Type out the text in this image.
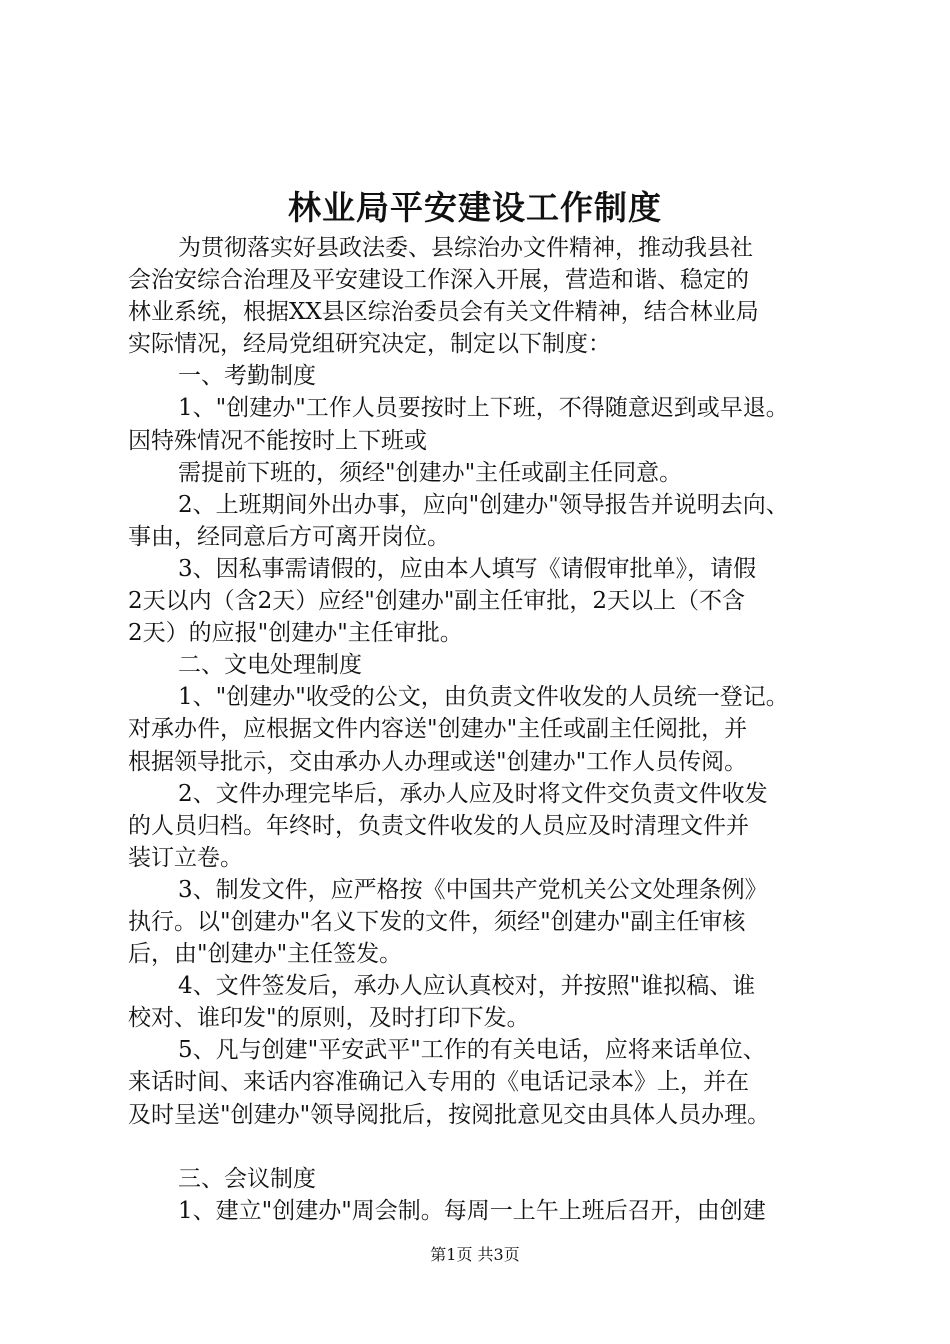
林业局平安建设工作制度
为贯彻落实好县政法委、县综治办文件精神，推动我县社
会治安综合治理及平安建设工作深入开展，营造和谐、稳定的
林业系统，根据XX县区综治委员会有关文件精神，结合林业局
实际情况，经局党组研究决定，制定以下制度：
一、考勤制度
1、"创建办"工作人员要按时上下班，不得随意迟到或早退。
因特殊情况不能按时上下班或
需提前下班的，须经"创建办"主任或副主任同意。
2、上班期间外出办事，应向"创建办"领导报告并说明去向、
事由，经同意后方可离开岗位。
3、因私事需请假的，应由本人填写《请假审批单》，请假
2天以内（含2天）应经"创建办"副主任审批，2天以上（不含
2天）的应报"创建办"主任审批。
二、文电处理制度
1、"创建办"收受的公文，由负责文件收发的人员统一登记。
对承办件，应根据文件内容送"创建办"主任或副主任阅批，并
根据领导批示，交由承办人办理或送"创建办"工作人员传阅。
2、文件办理完毕后，承办人应及时将文件交负责文件收发
的人员归档。年终时，负责文件收发的人员应及时清理文件并
装订立卷。
3、制发文件，应严格按《中国共产党机关公文处理条例》
执行。以"创建办"名义下发的文件，须经"创建办"副主任审核
后，由"创建办"主任签发。
4、文件签发后，承办人应认真校对，并按照"谁拟稿、谁
校对、谁印发"的原则，及时打印下发。
5、凡与创建"平安武平"工作的有关电话，应将来话单位、
来话时间、来话内容准确记入专用的《电话记录本》上，并在
及时呈送"创建办"领导阅批后，按阅批意见交由具体人员办理。
三、会议制度
1、建立"创建办"周会制。每周一上午上班后召开，由创建
第1页 共3页
